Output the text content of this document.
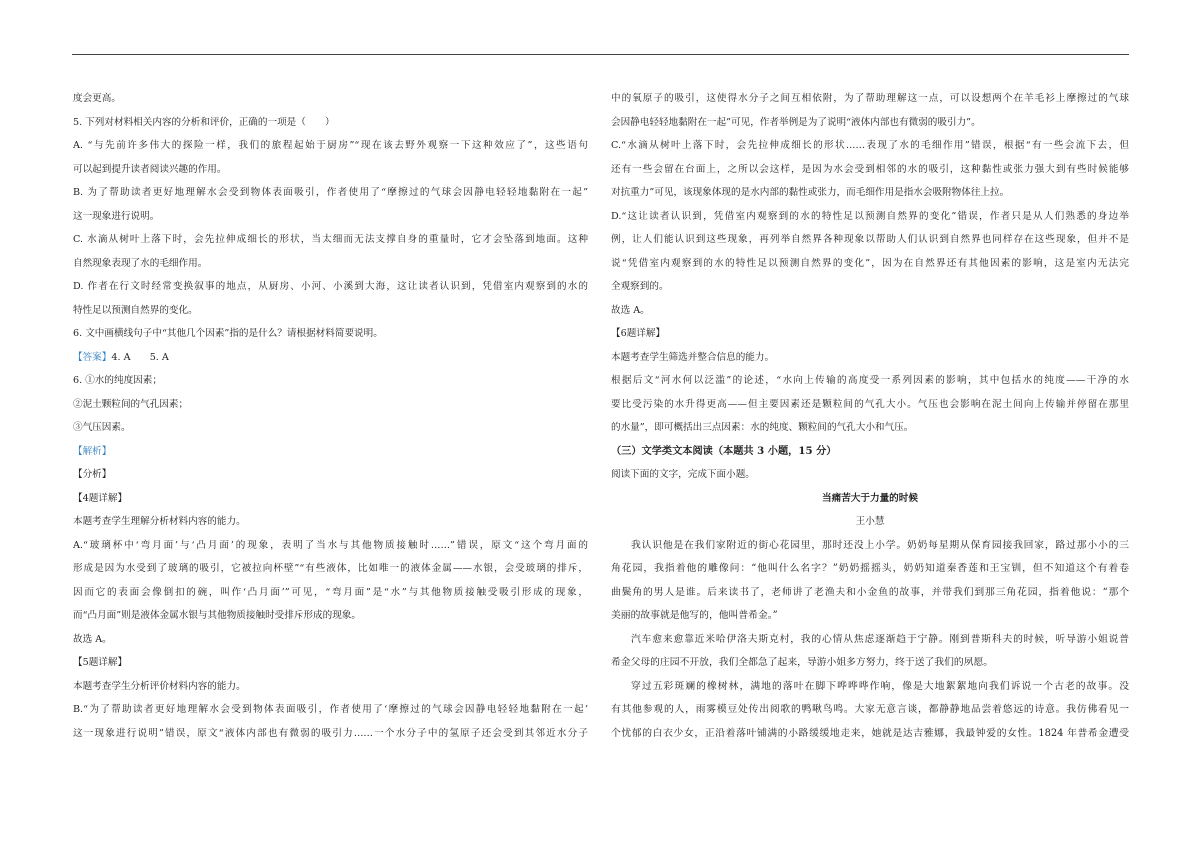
度会更高。
5. 下列对材料相关内容的分析和评价，正确的一项是（　　）
A. “与先前许多伟大的探险一样，我们的旅程起始于厨房”“现在该去野外观察一下这种效应了”，这些语句
可以起到提升读者阅读兴趣的作用。
B. 为了帮助读者更好地理解水会受到物体表面吸引，作者使用了“摩擦过的气球会因静电轻轻地黏附在一起”
这一现象进行说明。
C. 水滴从树叶上落下时，会先拉伸成细长的形状，当太细而无法支撑自身的重量时，它才会坠落到地面。这种
自然现象表现了水的毛细作用。
D. 作者在行文时经常变换叙事的地点，从厨房、小河、小溪到大海，这让读者认识到，凭借室内观察到的水的
特性足以预测自然界的变化。
6. 文中画横线句子中“其他几个因素”指的是什么？请根据材料简要说明。
【答案】4. A　　5. A
6. ①水的纯度因素；
②泥土颗粒间的气孔因素；
③气压因素。
【解析】
【分析】
【4题详解】
本题考查学生理解分析材料内容的能力。
A.“玻璃杯中‘弯月面’与‘凸月面’的现象，表明了当水与其他物质接触时……”错误，原文“这个弯月面的
形成是因为水受到了玻璃的吸引，它被拉向杯壁”“有些液体，比如唯一的液体金属——水银，会受玻璃的排斥，
因而它的表面会像倒扣的碗，叫作‘凸月面’”可见，“弯月面”是“水”与其他物质接触受吸引形成的现象，
而“凸月面”则是液体金属水银与其他物质接触时受排斥形成的现象。
故选 A。
【5题详解】
本题考查学生分析评价材料内容的能力。
B.“为了帮助读者更好地理解水会受到物体表面吸引，作者使用了‘摩擦过的气球会因静电轻轻地黏附在一起’
这一现象进行说明”错误，原文“液体内部也有微弱的吸引力……一个水分子中的氢原子还会受到其邻近水分子
中的氧原子的吸引，这使得水分子之间互相依附，为了帮助理解这一点，可以设想两个在羊毛衫上摩擦过的气球
会因静电轻轻地黏附在一起”可见，作者举例是为了说明“液体内部也有微弱的吸引力”。
C.“水滴从树叶上落下时，会先拉伸成细长的形状……表现了水的毛细作用”错误，根据“有一些会流下去，但
还有一些会留在台面上，之所以会这样，是因为水会受到相邻的水的吸引，这种黏性或张力强大到有些时候能够
对抗重力”可见，该现象体现的是水内部的黏性或张力，而毛细作用是指水会吸附物体往上拉。
D.“这让读者认识到，凭借室内观察到的水的特性足以预测自然界的变化”错误，作者只是从人们熟悉的身边举
例，让人们能认识到这些现象，再列举自然界各种现象以帮助人们认识到自然界也同样存在这些现象，但并不是
说“凭借室内观察到的水的特性足以预测自然界的变化”，因为在自然界还有其他因素的影响，这是室内无法完
全观察到的。
故选 A。
【6题详解】
本题考查学生筛选并整合信息的能力。
根据后文“河水何以泛滥”的论述，“水向上传输的高度受一系列因素的影响，其中包括水的纯度——干净的水
要比受污染的水升得更高——但主要因素还是颗粒间的气孔大小。气压也会影响在泥土间向上传输并停留在那里
的水量”，即可概括出三点因素：水的纯度、颗粒间的气孔大小和气压。
（三）文学类文本阅读（本题共 3 小题，15 分）
阅读下面的文字，完成下面小题。
当痛苦大于力量的时候
王小慧
我认识他是在我们家附近的街心花园里，那时还没上小学。奶奶每星期从保育园接我回家，路过那小小的三
角花园，我指着他的雕像问：“他叫什么名字？”奶奶摇摇头，奶奶知道秦香莲和王宝钏，但不知道这个有着卷
曲鬓角的男人是谁。后来读书了，老师讲了老渔夫和小金鱼的故事，并带我们到那三角花园，指着他说：“那个
美丽的故事就是他写的，他叫普希金。”
汽车愈来愈靠近米哈伊洛夫斯克村，我的心情从焦虑逐渐趋于宁静。刚到普斯科夫的时候，听导游小姐说普
希金父母的庄园不开放，我们全都急了起来，导游小姐多方努力，终于送了我们的夙愿。
穿过五彩斑斓的橡树林，满地的落叶在脚下哗哗哗作响，像是大地絮絮地向我们诉说一个古老的故事。没
有其他参观的人，雨雾模豆处传出阅歌的鸭啾鸟鸣。大家无意言谈，都静静地品尝着悠远的诗意。我仿佛看见一
个忧郁的白衣少女，正沿着落叶铺满的小路缓缓地走来，她就是达吉雅娜，我最钟爱的女性。1824 年普希金遭受
